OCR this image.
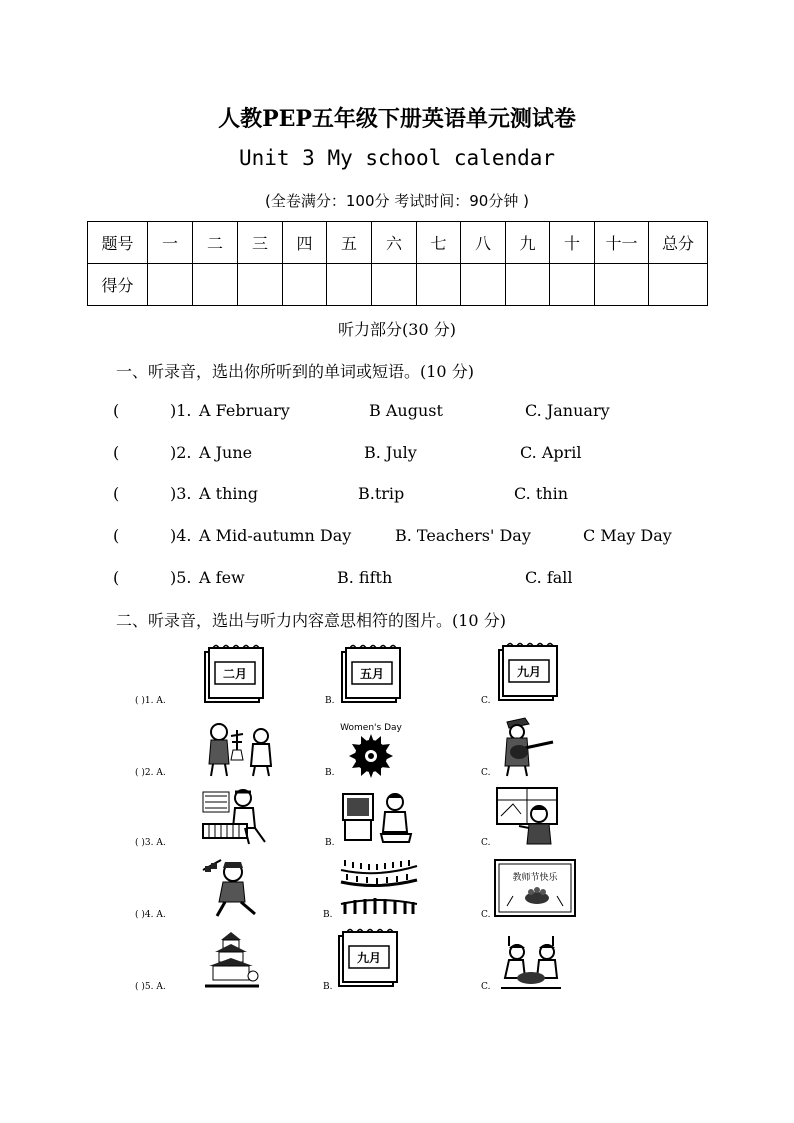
人教PEP五年级下册英语单元测试卷
Unit 3 My school calendar
(全卷满分：100分 考试时间：90分钟 )
题号	一	二	三	四	五	六	七	八	九	十	十一	总分
得分												
听力部分(30 分)
一、听录音，选出你所听到的单词或短语。(10 分)
(	)1. A February	B August	C. January
(	)2. A June	B. July	C. April
(	)3. A thing	B.trip	C. thin
(	)4. A Mid-autumn Day	B. Teachers' Day	C May Day
(	)5. A few	B. fifth	C. fall
二、听录音，选出与听力内容意思相符的图片。(10 分)
( )1. A.
二月
B.
五月
C.
九月
( )2. A.	B.
Women's Day
C.
( )3. A.	B.	C.
( )4. A.	B.	C.
教师节快乐
( )5. A.	B.
九月
C.
